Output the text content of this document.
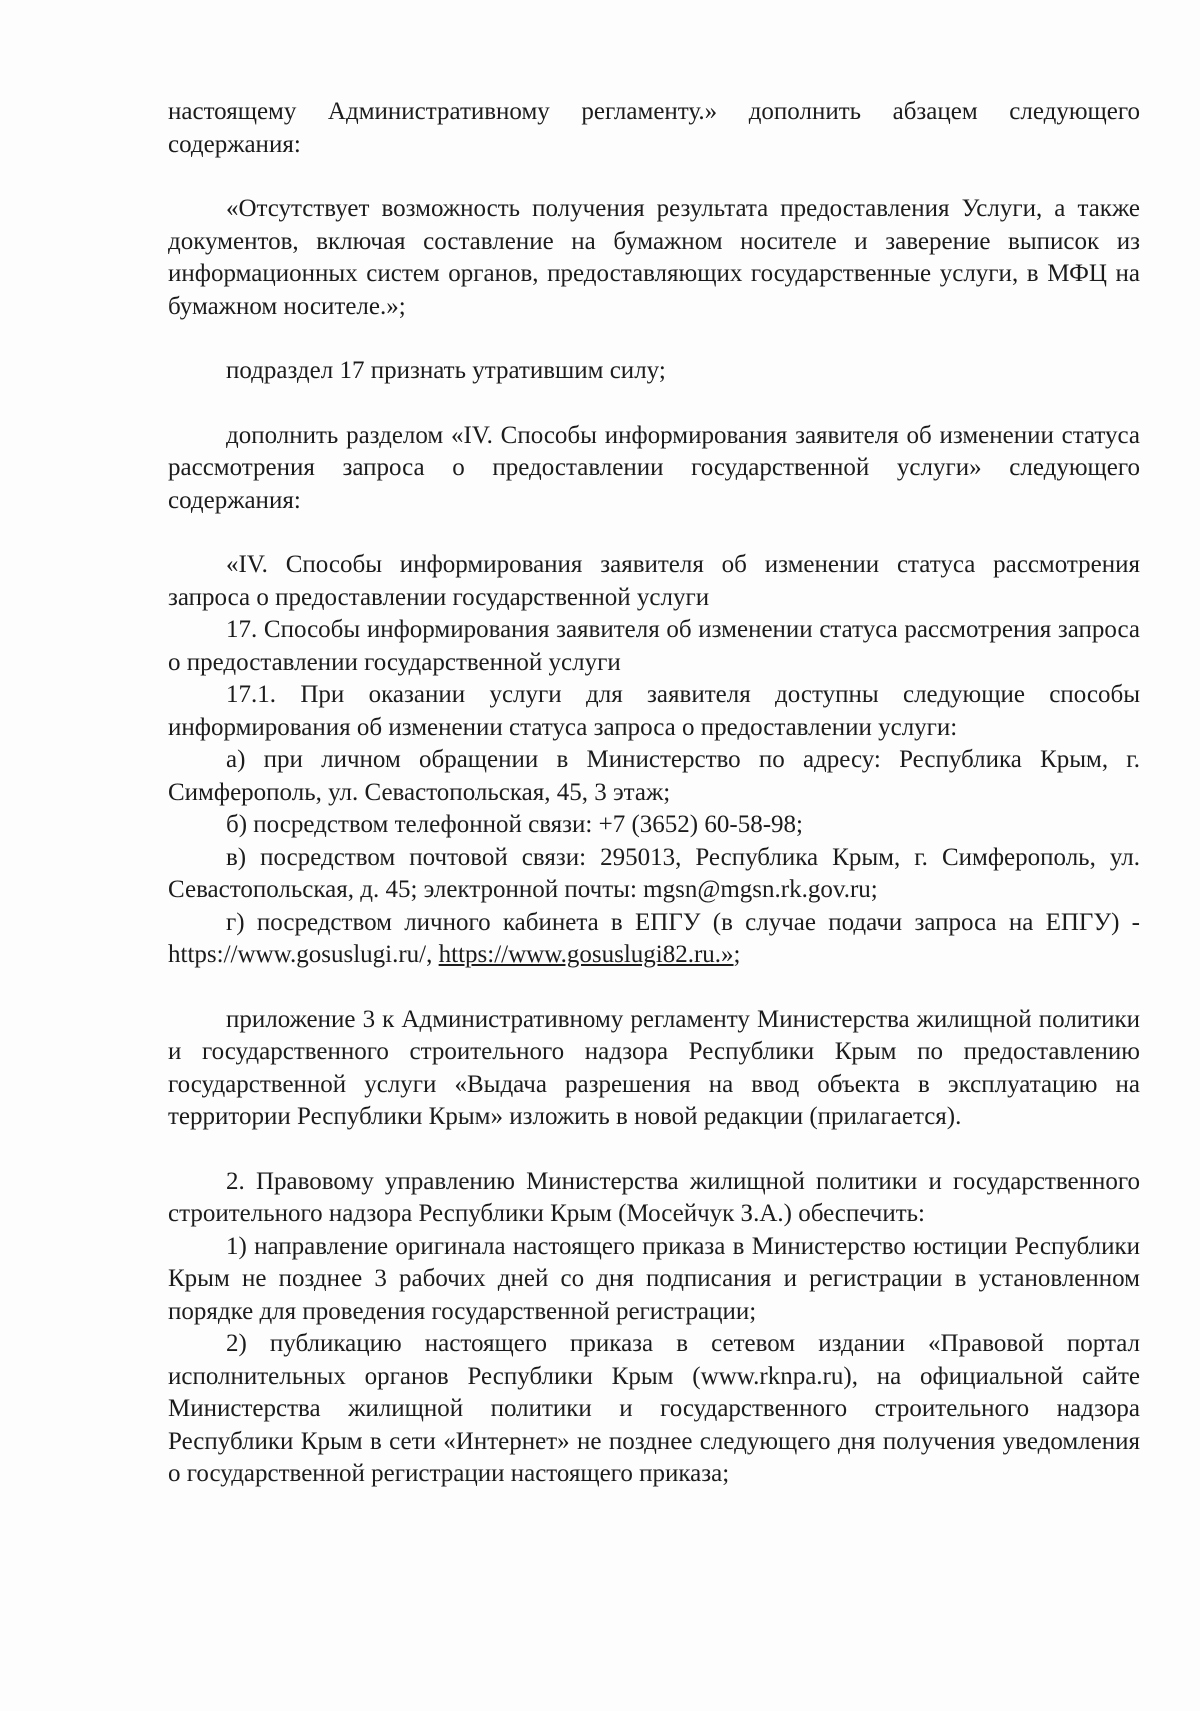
настоящему Административному регламенту.» дополнить абзацем следующего содержания:

«Отсутствует возможность получения результата предоставления Услуги, а также документов, включая составление на бумажном носителе и заверение выписок из информационных систем органов, предоставляющих государственные услуги, в МФЦ на бумажном носителе.»;

подраздел 17 признать утратившим силу;

дополнить разделом «IV. Способы информирования заявителя об изменении статуса рассмотрения запроса о предоставлении государственной услуги» следующего содержания:

«IV. Способы информирования заявителя об изменении статуса рассмотрения запроса о предоставлении государственной услуги

17. Способы информирования заявителя об изменении статуса рассмотрения запроса о предоставлении государственной услуги

17.1. При оказании услуги для заявителя доступны следующие способы информирования об изменении статуса запроса о предоставлении услуги:

а) при личном обращении в Министерство по адресу: Республика Крым, г. Симферополь, ул. Севастопольская, 45, 3 этаж;

б) посредством телефонной связи: +7 (3652) 60-58-98;

в) посредством почтовой связи: 295013, Республика Крым, г. Симферополь, ул. Севастопольская, д. 45; электронной почты: mgsn@mgsn.rk.gov.ru;

г) посредством личного кабинета в ЕПГУ (в случае подачи запроса на ЕПГУ) - https://www.gosuslugi.ru/, https://www.gosuslugi82.ru.»;

приложение 3 к Административному регламенту Министерства жилищной политики и государственного строительного надзора Республики Крым по предоставлению государственной услуги «Выдача разрешения на ввод объекта в эксплуатацию на территории Республики Крым» изложить в новой редакции (прилагается).

2. Правовому управлению Министерства жилищной политики и государственного строительного надзора Республики Крым (Мосейчук З.А.) обеспечить:

1) направление оригинала настоящего приказа в Министерство юстиции Республики Крым не позднее 3 рабочих дней со дня подписания и регистрации в установленном порядке для проведения государственной регистрации;

2) публикацию настоящего приказа в сетевом издании «Правовой портал исполнительных органов Республики Крым (www.rknpa.ru), на официальной сайте Министерства жилищной политики и государственного строительного надзора Республики Крым в сети «Интернет» не позднее следующего дня получения уведомления о государственной регистрации настоящего приказа;
